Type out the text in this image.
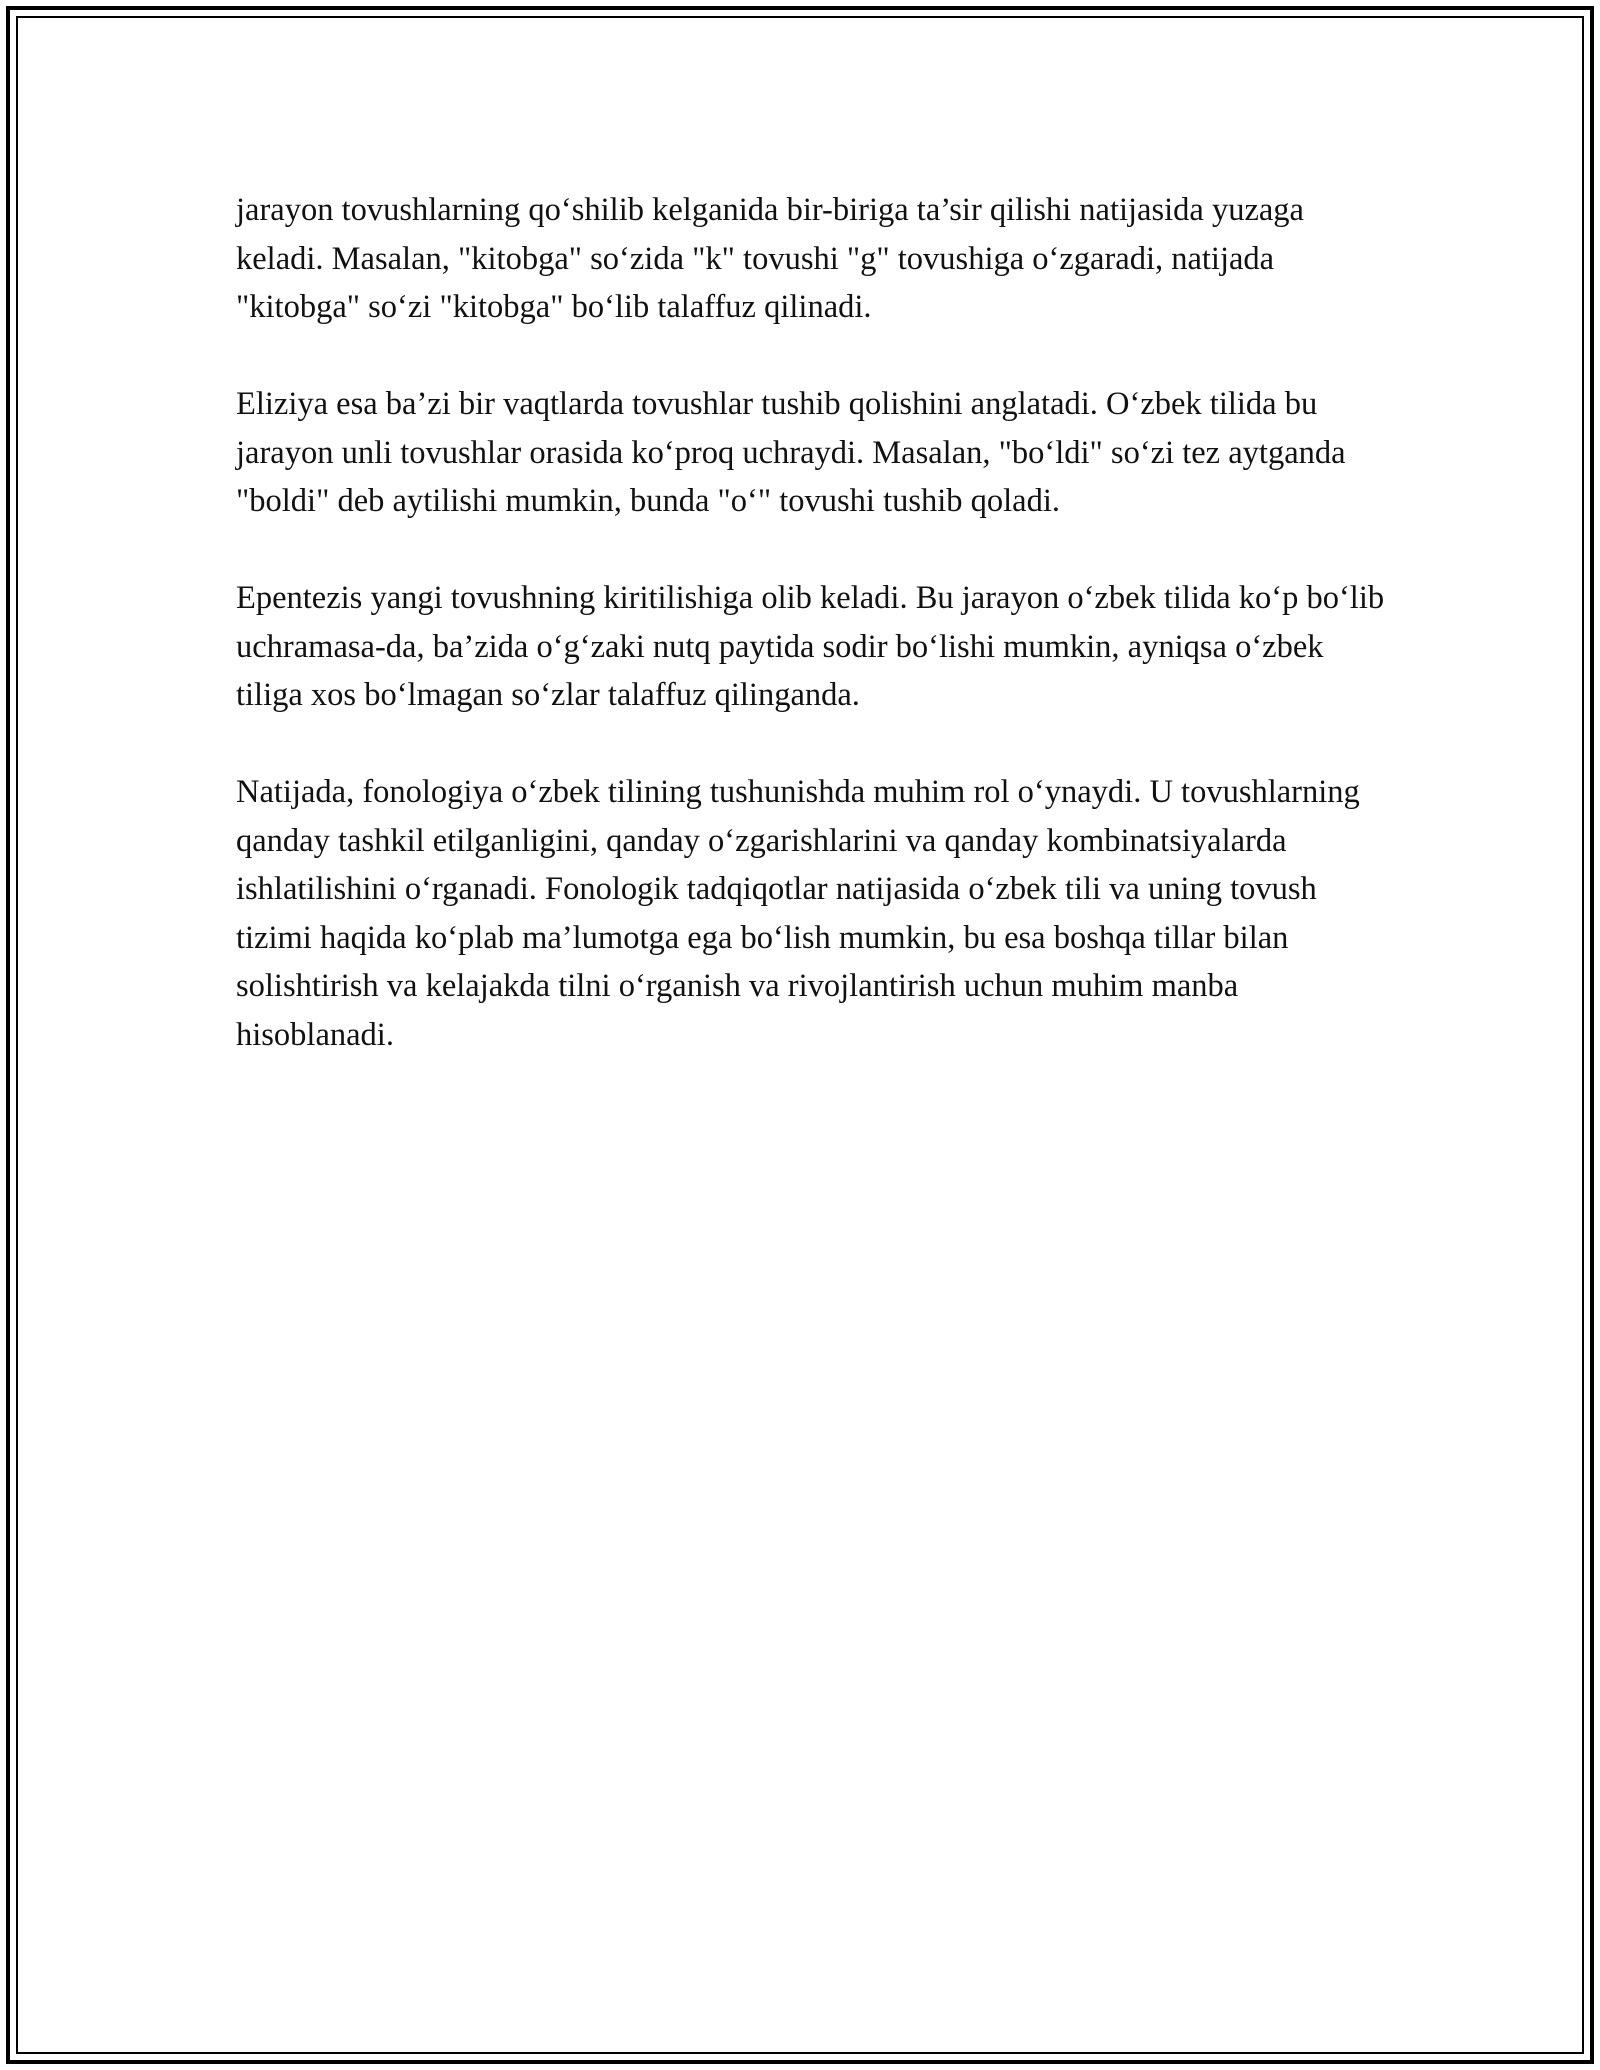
jarayon tovushlarning qo‘shilib kelganida bir-biriga ta’sir qilishi natijasida yuzaga keladi. Masalan, "kitobga" so‘zida "k" tovushi "g" tovushiga o‘zgaradi, natijada "kitobga" so‘zi "kitobga" bo‘lib talaffuz qilinadi.

Eliziya esa ba’zi bir vaqtlarda tovushlar tushib qolishini anglatadi. O‘zbek tilida bu jarayon unli tovushlar orasida ko‘proq uchraydi. Masalan, "bo‘ldi" so‘zi tez aytganda "boldi" deb aytilishi mumkin, bunda "o‘" tovushi tushib qoladi.

Epentezis yangi tovushning kiritilishiga olib keladi. Bu jarayon o‘zbek tilida ko‘p bo‘lib uchramasa-da, ba’zida o‘g‘zaki nutq paytida sodir bo‘lishi mumkin, ayniqsa o‘zbek tiliga xos bo‘lmagan so‘zlar talaffuz qilinganda.

Natijada, fonologiya o‘zbek tilining tushunishda muhim rol o‘ynaydi. U tovushlarning qanday tashkil etilganligini, qanday o‘zgarishlarini va qanday kombinatsiyalarda ishlatilishini o‘rganadi. Fonologik tadqiqotlar natijasida o‘zbek tili va uning tovush tizimi haqida ko‘plab ma’lumotga ega bo‘lish mumkin, bu esa boshqa tillar bilan solishtirish va kelajakda tilni o‘rganish va rivojlantirish uchun muhim manba hisoblanadi.
